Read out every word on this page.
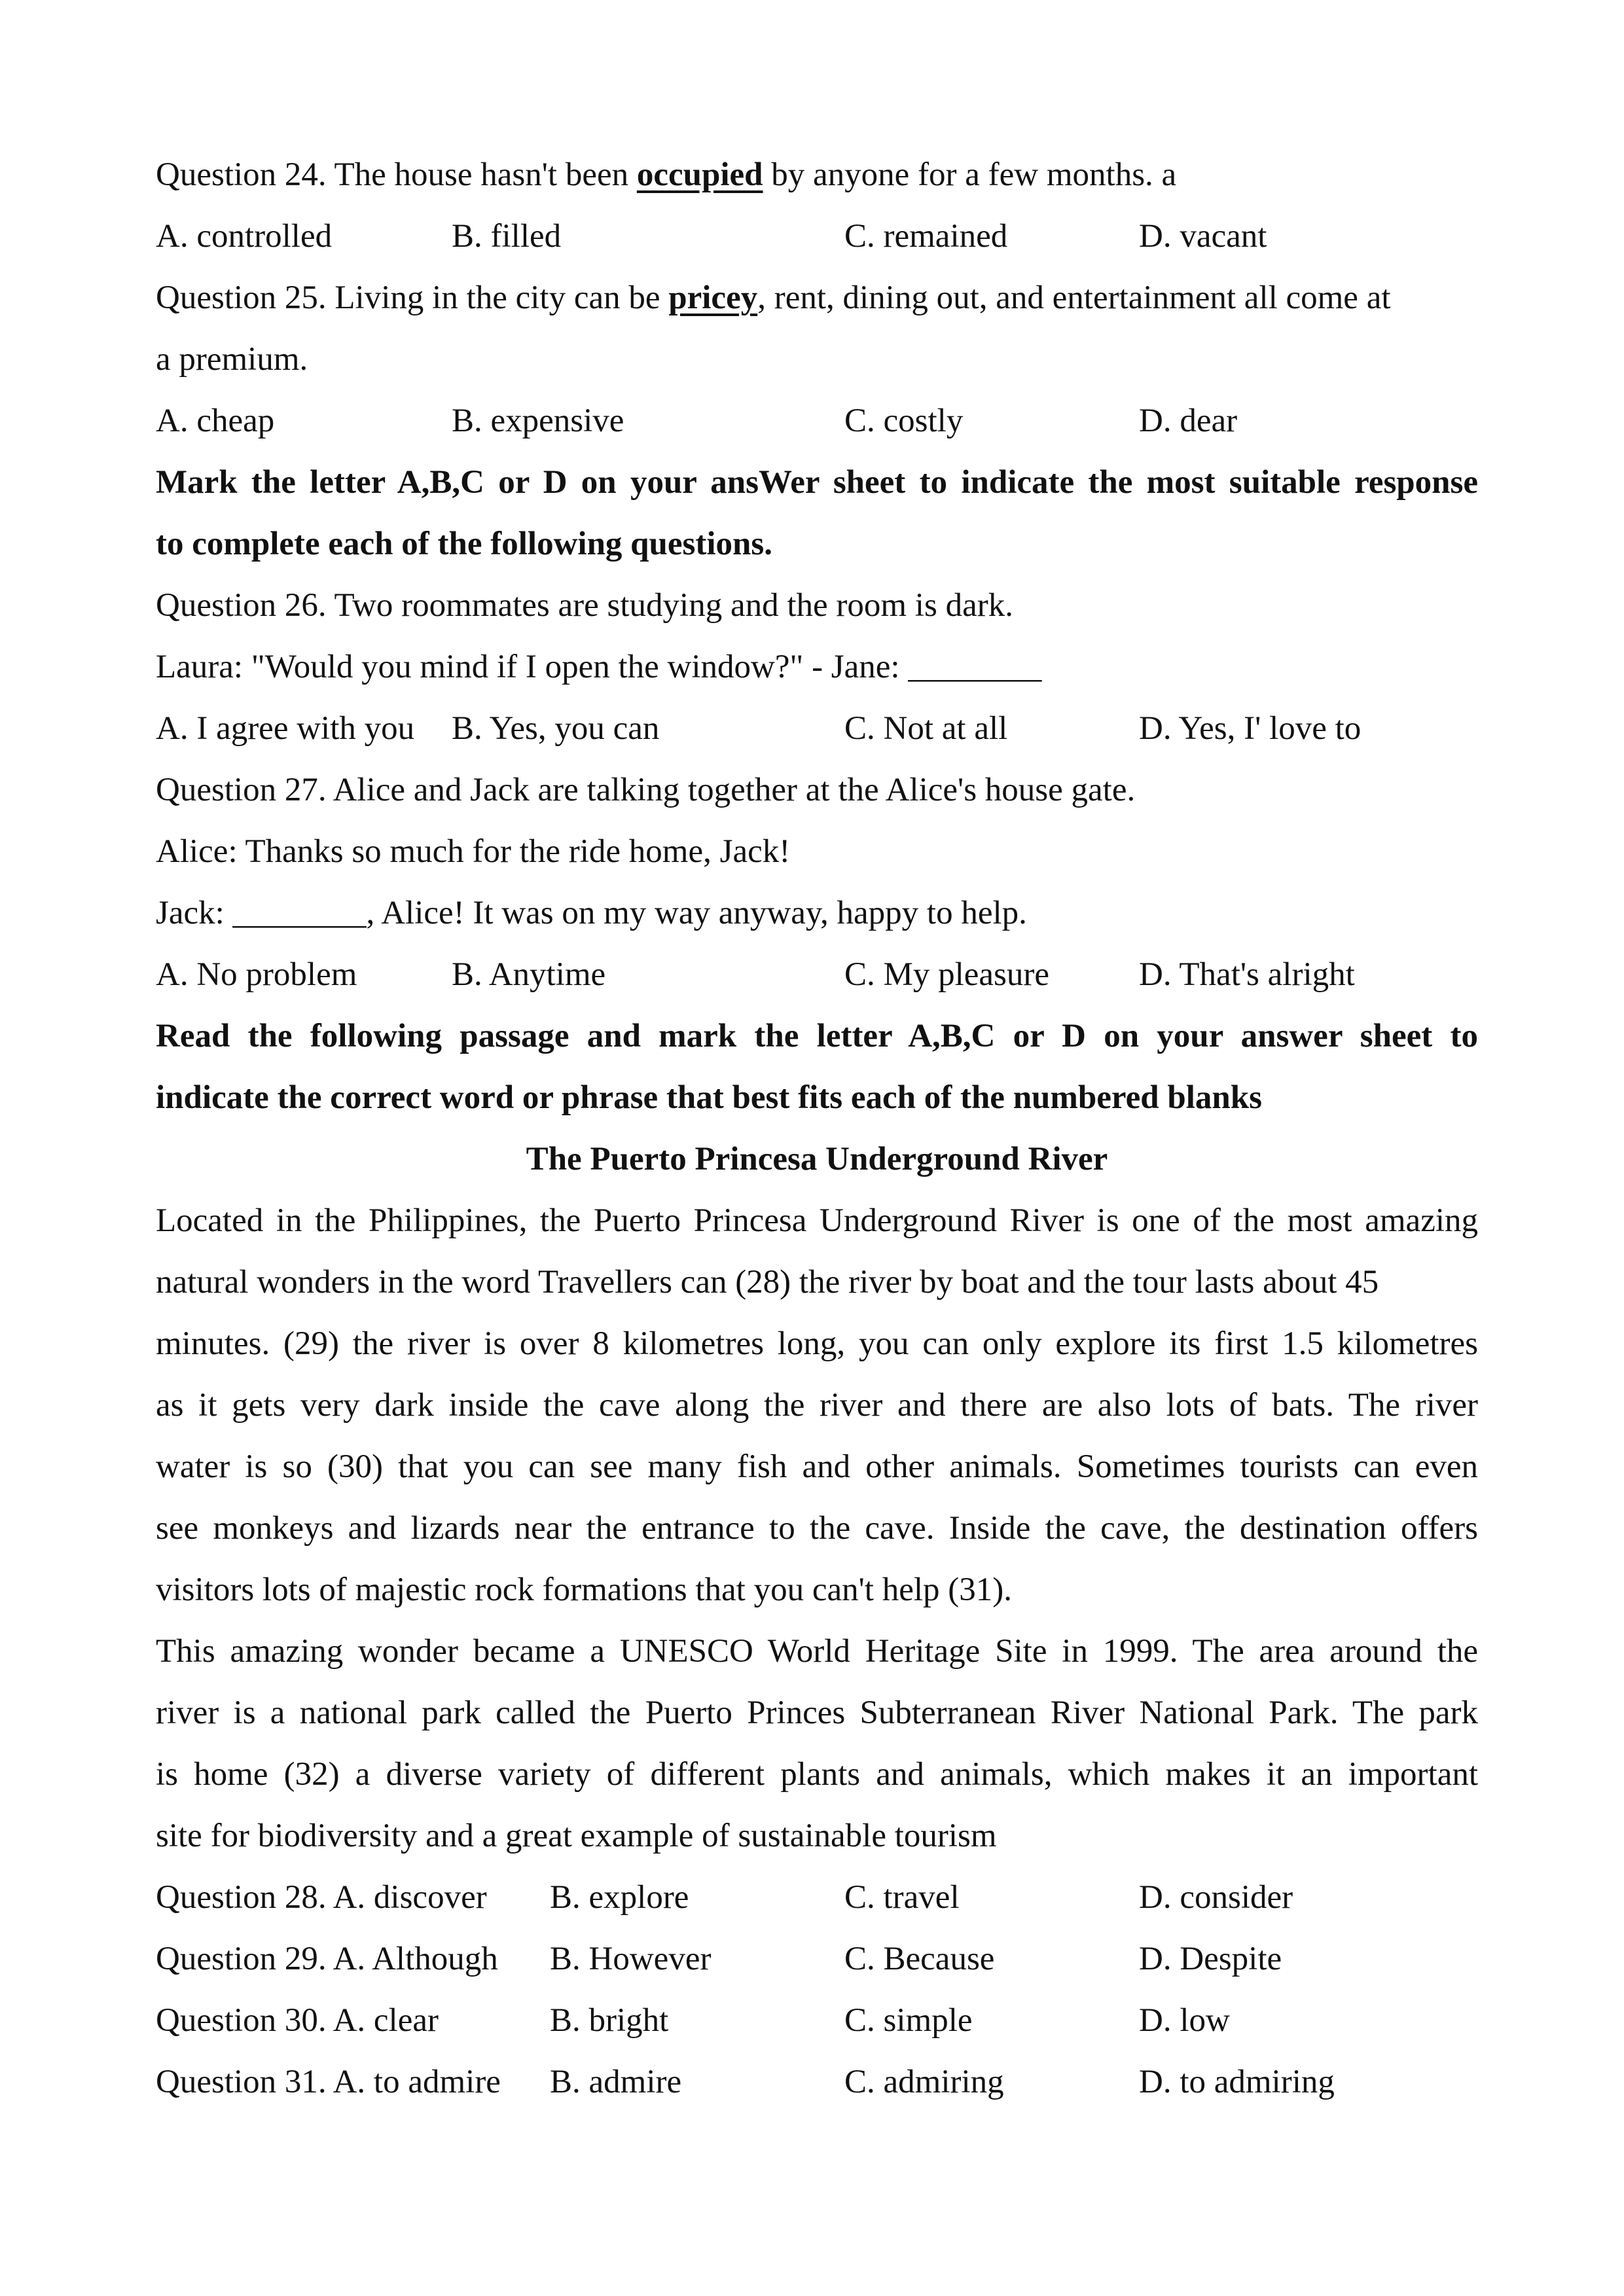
Question 24. The house hasn't been occupied by anyone for a few months. a
A. controlled	B. filled	C. remained	D. vacant
Question 25. Living in the city can be pricey, rent, dining out, and entertainment all come at
a premium.
A. cheap	B. expensive	C. costly	D. dear
Mark the letter A,B,C or D on your ansWer sheet to indicate the most suitable response
to complete each of the following questions.
Question 26. Two roommates are studying and the room is dark.
Laura: "Would you mind if I open the window?" - Jane: ________
A. I agree with you B. Yes, you can	C. Not at all	D. Yes, I' love to
Question 27. Alice and Jack are talking together at the Alice's house gate.
Alice: Thanks so much for the ride home, Jack!
Jack: ________, Alice! It was on my way anyway, happy to help.
A. No problem	B. Anytime	C. My pleasure	D. That's alright
Read the following passage and mark the letter A,B,C or D on your answer sheet to
indicate the correct word or phrase that best fits each of the numbered blanks
The Puerto Princesa Underground River
Located in the Philippines, the Puerto Princesa Underground River is one of the most amazing
natural wonders in the word Travellers can (28) the river by boat and the tour lasts about 45
minutes. (29) the river is over 8 kilometres long, you can only explore its first 1.5 kilometres
as it gets very dark inside the cave along the river and there are also lots of bats. The river
water is so (30) that you can see many fish and other animals. Sometimes tourists can even
see monkeys and lizards near the entrance to the cave. Inside the cave, the destination offers
visitors lots of majestic rock formations that you can't help (31).
This amazing wonder became a UNESCO World Heritage Site in 1999. The area around the
river is a national park called the Puerto Princes Subterranean River National Park. The park
is home (32) a diverse variety of different plants and animals, which makes it an important
site for biodiversity and a great example of sustainable tourism
Question 28. A. discover B. explore	C. travel	D. consider
Question 29. A. Although B. However	C. Because	D. Despite
Question 30. A. clear	B. bright	C. simple	D. low
Question 31. A. to admire B. admire	C. admiring	D. to admiring
